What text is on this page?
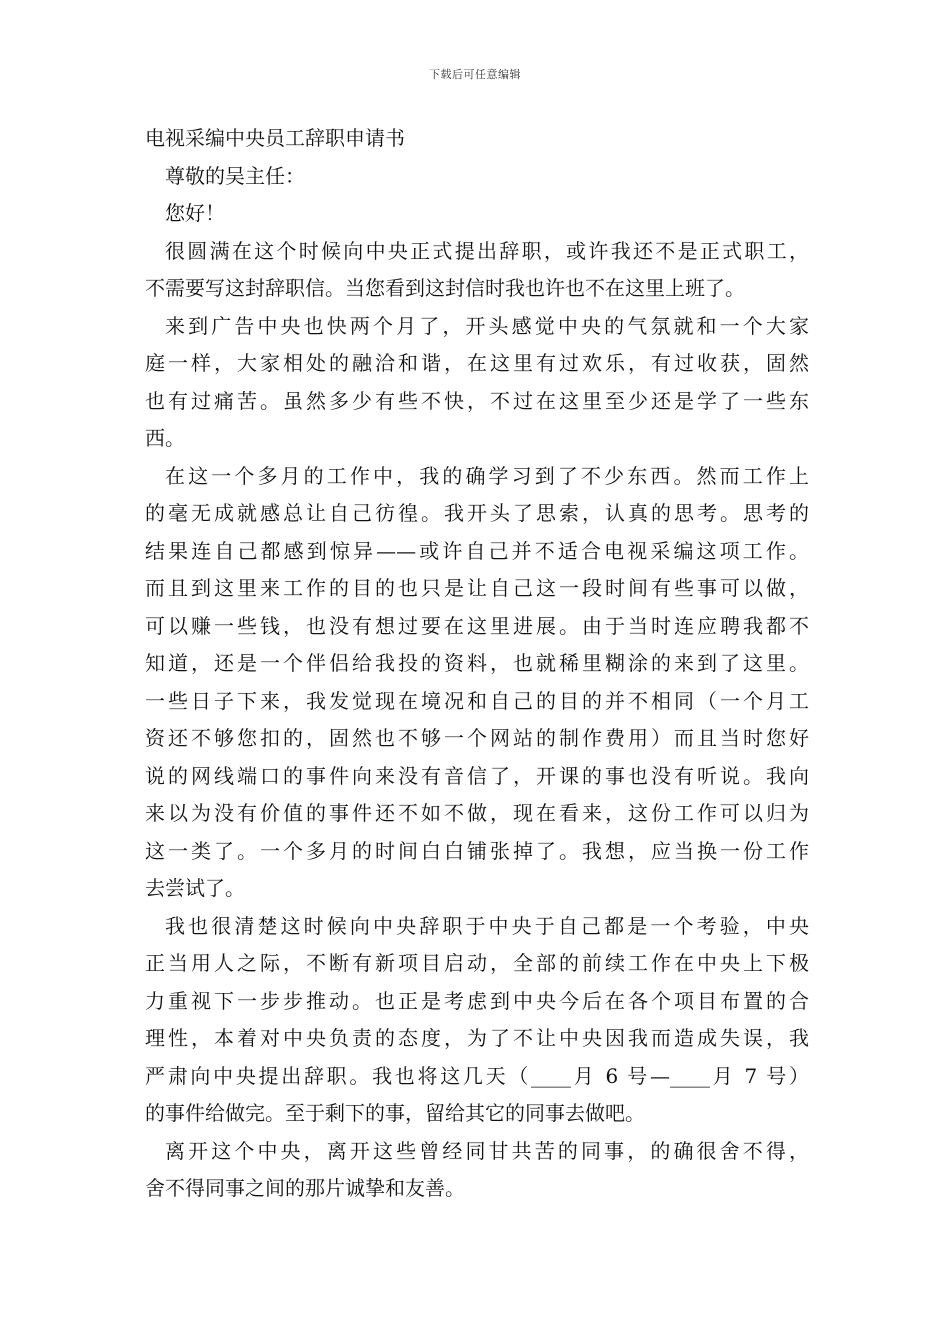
下载后可任意编辑
电视采编中央员工辞职申请书
尊敬的吴主任：
您好！
很圆满在这个时候向中央正式提出辞职，或许我还不是正式职工，
不需要写这封辞职信。当您看到这封信时我也许也不在这里上班了。
来到广告中央也快两个月了，开头感觉中央的气氛就和一个大家
庭一样，大家相处的融洽和谐，在这里有过欢乐，有过收获，固然
也有过痛苦。虽然多少有些不快，不过在这里至少还是学了一些东
西。
在这一个多月的工作中，我的确学习到了不少东西。然而工作上
的毫无成就感总让自己彷徨。我开头了思索，认真的思考。思考的
结果连自己都感到惊异——或许自己并不适合电视采编这项工作。
而且到这里来工作的目的也只是让自己这一段时间有些事可以做，
可以赚一些钱，也没有想过要在这里进展。由于当时连应聘我都不
知道，还是一个伴侣给我投的资料，也就稀里糊涂的来到了这里。
一些日子下来，我发觉现在境况和自己的目的并不相同（一个月工
资还不够您扣的，固然也不够一个网站的制作费用）而且当时您好
说的网线端口的事件向来没有音信了，开课的事也没有听说。我向
来以为没有价值的事件还不如不做，现在看来，这份工作可以归为
这一类了。一个多月的时间白白铺张掉了。我想，应当换一份工作
去尝试了。
我也很清楚这时候向中央辞职于中央于自己都是一个考验，中央
正当用人之际，不断有新项目启动，全部的前续工作在中央上下极
力重视下一步步推动。也正是考虑到中央今后在各个项目布置的合
理性，本着对中央负责的态度，为了不让中央因我而造成失误，我
严肃向中央提出辞职。我也将这几天（____月 6 号—____月 7 号）
的事件给做完。至于剩下的事，留给其它的同事去做吧。
离开这个中央，离开这些曾经同甘共苦的同事，的确很舍不得，
舍不得同事之间的那片诚挚和友善。
